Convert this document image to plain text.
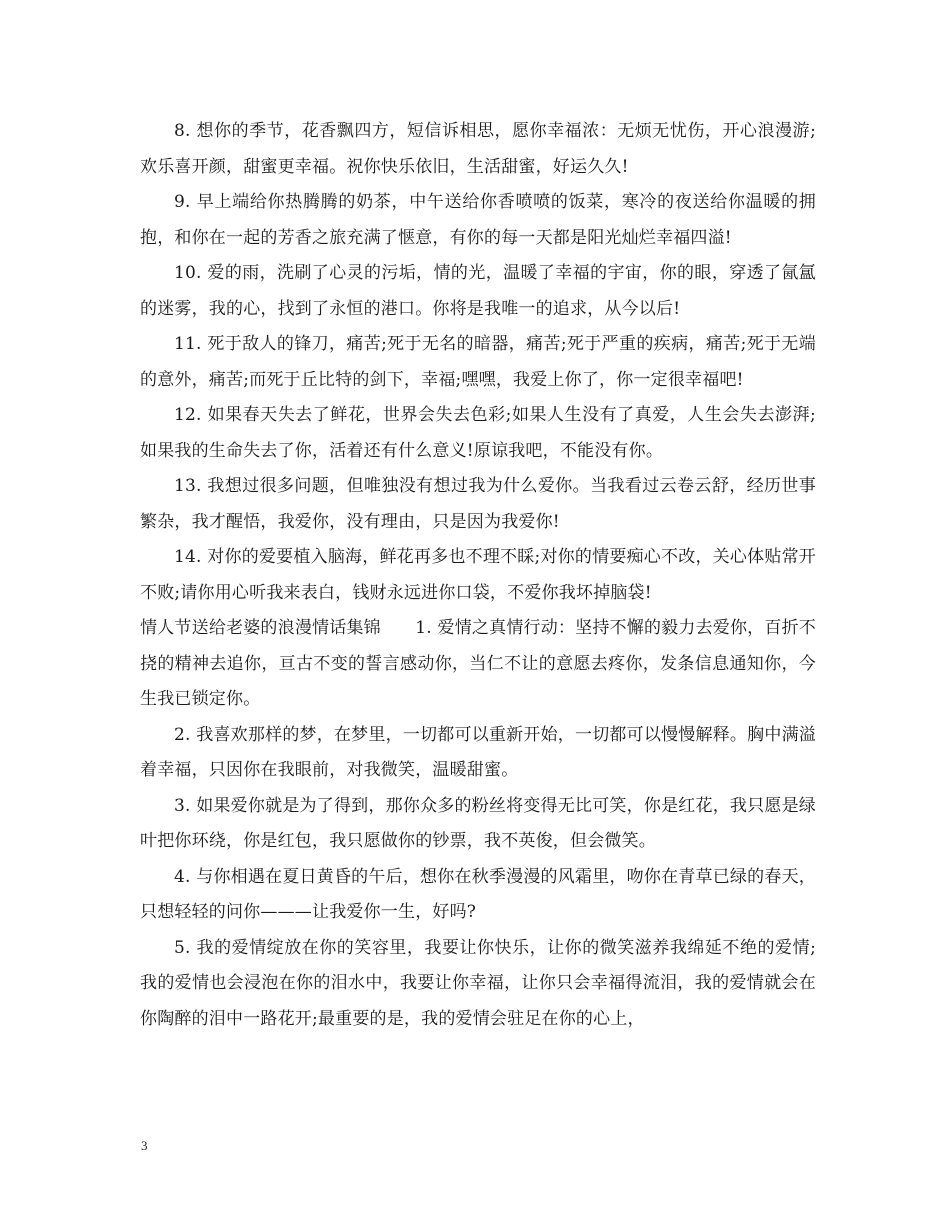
8. 想你的季节，花香飘四方，短信诉相思，愿你幸福浓：无烦无忧伤，开心浪漫游;欢乐喜开颜，甜蜜更幸福。祝你快乐依旧，生活甜蜜，好运久久!

9. 早上端给你热腾腾的奶茶，中午送给你香喷喷的饭菜，寒冷的夜送给你温暖的拥抱，和你在一起的芳香之旅充满了惬意，有你的每一天都是阳光灿烂幸福四溢!

10. 爱的雨，洗刷了心灵的污垢，情的光，温暖了幸福的宇宙，你的眼，穿透了氤氲的迷雾，我的心，找到了永恒的港口。你将是我唯一的追求，从今以后!

11. 死于敌人的锋刀，痛苦;死于无名的暗器，痛苦;死于严重的疾病，痛苦;死于无端的意外，痛苦;而死于丘比特的剑下，幸福;嘿嘿，我爱上你了，你一定很幸福吧!

12. 如果春天失去了鲜花，世界会失去色彩;如果人生没有了真爱，人生会失去澎湃;如果我的生命失去了你，活着还有什么意义!原谅我吧，不能没有你。

13. 我想过很多问题，但唯独没有想过我为什么爱你。当我看过云卷云舒，经历世事繁杂，我才醒悟，我爱你，没有理由，只是因为我爱你!

14. 对你的爱要植入脑海，鲜花再多也不理不睬;对你的情要痴心不改，关心体贴常开不败;请你用心听我来表白，钱财永远进你口袋，不爱你我坏掉脑袋!

情人节送给老婆的浪漫情话集锦　　1. 爱情之真情行动：坚持不懈的毅力去爱你，百折不挠的精神去追你，亘古不变的誓言感动你，当仁不让的意愿去疼你，发条信息通知你，今生我已锁定你。

2. 我喜欢那样的梦，在梦里，一切都可以重新开始，一切都可以慢慢解释。胸中满溢着幸福，只因你在我眼前，对我微笑，温暖甜蜜。

3. 如果爱你就是为了得到，那你众多的粉丝将变得无比可笑，你是红花，我只愿是绿叶把你环绕，你是红包，我只愿做你的钞票，我不英俊，但会微笑。

4. 与你相遇在夏日黄昏的午后，想你在秋季漫漫的风霜里，吻你在青草已绿的春天，只想轻轻的问你———让我爱你一生，好吗?

5. 我的爱情绽放在你的笑容里，我要让你快乐，让你的微笑滋养我绵延不绝的爱情;我的爱情也会浸泡在你的泪水中，我要让你幸福，让你只会幸福得流泪，我的爱情就会在你陶醉的泪中一路花开;最重要的是，我的爱情会驻足在你的心上，

3
